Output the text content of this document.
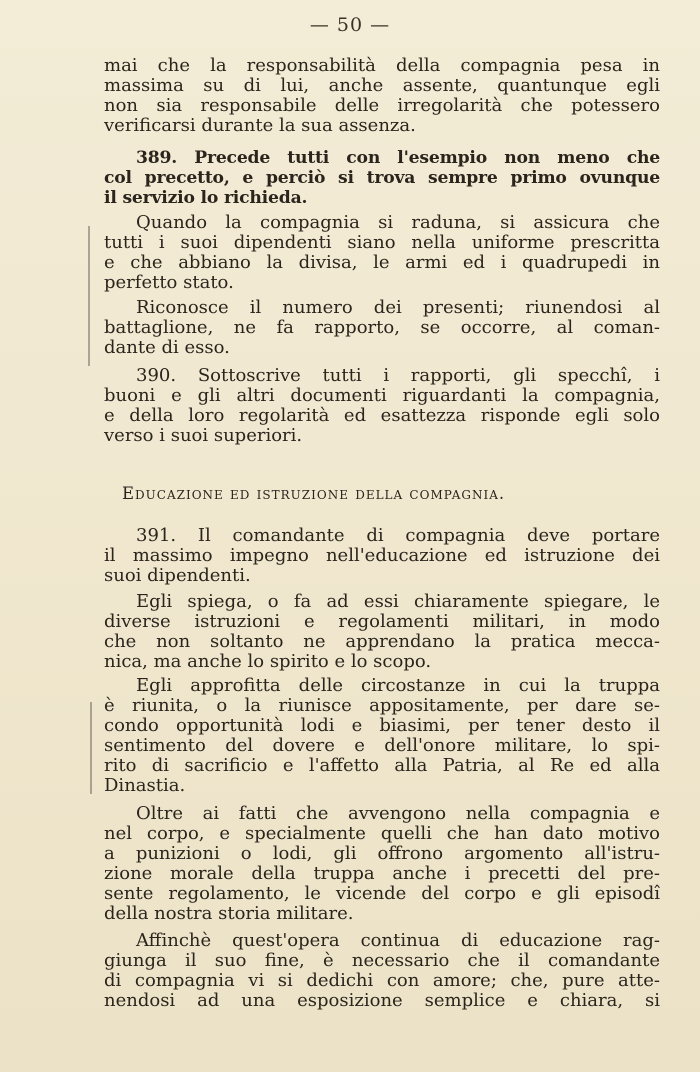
— 50 —
mai che la responsabilità della compagnia pesa in
massima su di lui, anche assente, quantunque egli
non sia responsabile delle irregolarità che potessero
verificarsi durante la sua assenza.
389. Precede tutti con l'esempio non meno che
col precetto, e perciò si trova sempre primo ovunque
il servizio lo richieda.
Quando la compagnia si raduna, si assicura che
tutti i suoi dipendenti siano nella uniforme prescritta
e che abbiano la divisa, le armi ed i quadrupedi in
perfetto stato.
Riconosce il numero dei presenti; riunendosi al
battaglione, ne fa rapporto, se occorre, al coman-
dante di esso.
390. Sottoscrive tutti i rapporti, gli specchî, i
buoni e gli altri documenti riguardanti la compagnia,
e della loro regolarità ed esattezza risponde egli solo
verso i suoi superiori.
Educazione ed istruzione della compagnia.
391. Il comandante di compagnia deve portare
il massimo impegno nell'educazione ed istruzione dei
suoi dipendenti.
Egli spiega, o fa ad essi chiaramente spiegare, le
diverse istruzioni e regolamenti militari, in modo
che non soltanto ne apprendano la pratica mecca-
nica, ma anche lo spirito e lo scopo.
Egli approfitta delle circostanze in cui la truppa
è riunita, o la riunisce appositamente, per dare se-
condo opportunità lodi e biasimi, per tener desto il
sentimento del dovere e dell'onore militare, lo spi-
rito di sacrificio e l'affetto alla Patria, al Re ed alla
Dinastia.
Oltre ai fatti che avvengono nella compagnia e
nel corpo, e specialmente quelli che han dato motivo
a punizioni o lodi, gli offrono argomento all'istru-
zione morale della truppa anche i precetti del pre-
sente regolamento, le vicende del corpo e gli episodî
della nostra storia militare.
Affinchè quest'opera continua di educazione rag-
giunga il suo fine, è necessario che il comandante
di compagnia vi si dedichi con amore; che, pure atte-
nendosi ad una esposizione semplice e chiara, si
